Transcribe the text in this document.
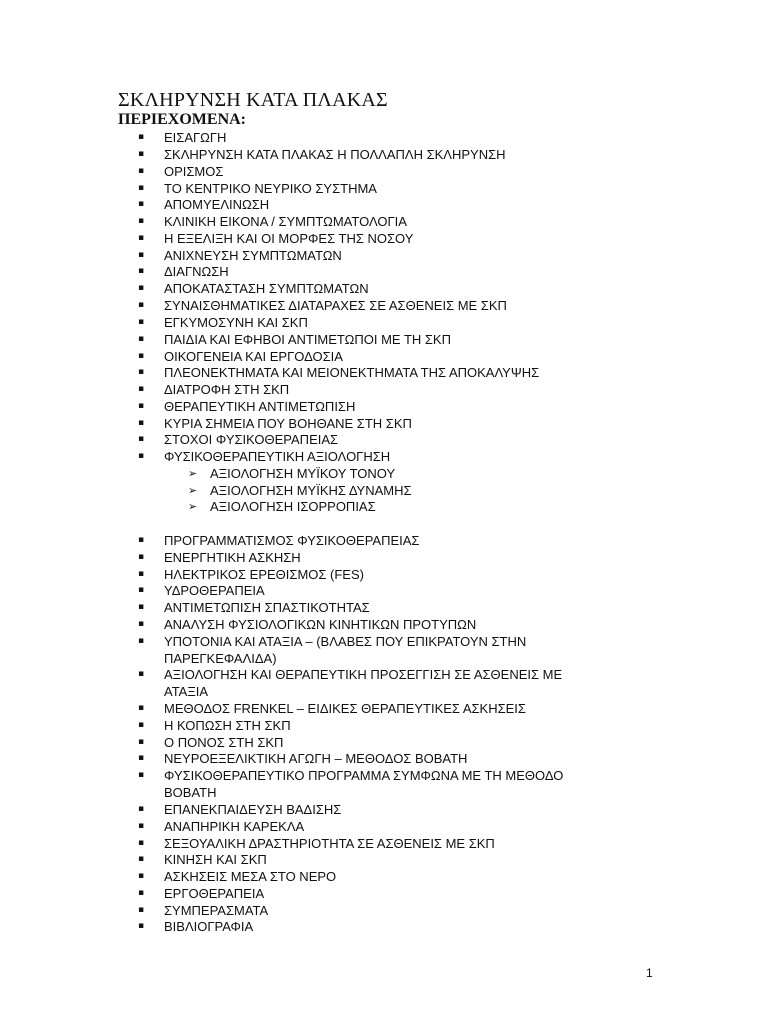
ΣΚΛΗΡΥΝΣΗ ΚΑΤΑ ΠΛΑΚΑΣ
ΠΕΡΙΕΧΟΜΕΝΑ:
▪ ΕΙΣΑΓΩΓΗ
▪ ΣΚΛΗΡΥΝΣΗ ΚΑΤΑ ΠΛΑΚΑΣ Η ΠΟΛΛΑΠΛΗ ΣΚΛΗΡΥΝΣΗ
▪ ΟΡΙΣΜΟΣ
▪ ΤΟ ΚΕΝΤΡΙΚΟ ΝΕΥΡΙΚΟ ΣΥΣΤΗΜΑ
▪ ΑΠΟΜΥΕΛΙΝΩΣΗ
▪ ΚΛΙΝΙΚΗ ΕΙΚΟΝΑ / ΣΥΜΠΤΩΜΑΤΟΛΟΓΙΑ
▪ Η ΕΞΕΛΙΞΗ ΚΑΙ ΟΙ ΜΟΡΦΕΣ ΤΗΣ ΝΟΣΟΥ
▪ ΑΝΙΧΝΕΥΣΗ ΣΥΜΠΤΩΜΑΤΩΝ
▪ ΔΙΑΓΝΩΣΗ
▪ ΑΠΟΚΑΤΑΣΤΑΣΗ ΣΥΜΠΤΩΜΑΤΩΝ
▪ ΣΥΝΑΙΣΘΗΜΑΤΙΚΕΣ ΔΙΑΤΑΡΑΧΕΣ ΣΕ ΑΣΘΕΝΕΙΣ ΜΕ ΣΚΠ
▪ ΕΓΚΥΜΟΣΥΝΗ ΚΑΙ ΣΚΠ
▪ ΠΑΙΔΙΑ ΚΑΙ ΕΦΗΒΟΙ ΑΝΤΙΜΕΤΩΠΟΙ ΜΕ ΤΗ ΣΚΠ
▪ ΟΙΚΟΓΕΝΕΙΑ ΚΑΙ ΕΡΓΟΔΟΣΙΑ
▪ ΠΛΕΟΝΕΚΤΗΜΑΤΑ ΚΑΙ ΜΕΙΟΝΕΚΤΗΜΑΤΑ ΤΗΣ ΑΠΟΚΑΛΥΨΗΣ
▪ ΔΙΑΤΡΟΦΗ ΣΤΗ ΣΚΠ
▪ ΘΕΡΑΠΕΥΤΙΚΗ ΑΝΤΙΜΕΤΩΠΙΣΗ
▪ ΚΥΡΙΑ ΣΗΜΕΙΑ ΠΟΥ ΒΟΗΘΑΝΕ ΣΤΗ ΣΚΠ
▪ ΣΤΟΧΟΙ ΦΥΣΙΚΟΘΕΡΑΠΕΙΑΣ
▪ ΦΥΣΙΚΟΘΕΡΑΠΕΥΤΙΚΗ ΑΞΙΟΛΟΓΗΣΗ
➢ ΑΞΙΟΛΟΓΗΣΗ ΜΥΪΚΟΥ ΤΟΝΟΥ
➢ ΑΞΙΟΛΟΓΗΣΗ ΜΥΪΚΗΣ ΔΥΝΑΜΗΣ
➢ ΑΞΙΟΛΟΓΗΣΗ ΙΣΟΡΡΟΠΙΑΣ
▪ ΠΡΟΓΡΑΜΜΑΤΙΣΜΟΣ ΦΥΣΙΚΟΘΕΡΑΠΕΙΑΣ
▪ ΕΝΕΡΓΗΤΙΚΗ ΑΣΚΗΣΗ
▪ ΗΛΕΚΤΡΙΚΟΣ ΕΡΕΘΙΣΜΟΣ (FES)
▪ ΥΔΡΟΘΕΡΑΠΕΙΑ
▪ ΑΝΤΙΜΕΤΩΠΙΣΗ ΣΠΑΣΤΙΚΟΤΗΤΑΣ
▪ ΑΝΑΛΥΣΗ ΦΥΣΙΟΛΟΓΙΚΩΝ ΚΙΝΗΤΙΚΩΝ ΠΡΟΤΥΠΩΝ
▪ ΥΠΟΤΟΝΙΑ ΚΑΙ ΑΤΑΞΙΑ – (ΒΛΑΒΕΣ ΠΟΥ ΕΠΙΚΡΑΤΟΥΝ ΣΤΗΝ
ΠΑΡΕΓΚΕΦΑΛΙΔΑ)
▪ ΑΞΙΟΛΟΓΗΣΗ ΚΑΙ ΘΕΡΑΠΕΥΤΙΚΗ ΠΡΟΣΕΓΓΙΣΗ ΣΕ ΑΣΘΕΝΕΙΣ ΜΕ
ΑΤΑΞΙΑ
▪ ΜΕΘΟΔΟΣ FRENKEL – ΕΙΔΙΚΕΣ ΘΕΡΑΠΕΥΤΙΚΕΣ ΑΣΚΗΣΕΙΣ
▪ Η ΚΟΠΩΣΗ ΣΤΗ ΣΚΠ
▪ Ο ΠΟΝΟΣ ΣΤΗ ΣΚΠ
▪ ΝΕΥΡΟΕΞΕΛΙΚΤΙΚΗ ΑΓΩΓΗ – ΜΕΘΟΔΟΣ BOBATH
▪ ΦΥΣΙΚΟΘΕΡΑΠΕΥΤΙΚΟ ΠΡΟΓΡΑΜΜΑ ΣΥΜΦΩΝΑ ΜΕ ΤΗ ΜΕΘΟΔΟ
BOBATH
▪ ΕΠΑΝΕΚΠΑΙΔΕΥΣΗ ΒΑΔΙΣΗΣ
▪ ΑΝΑΠΗΡΙΚΗ ΚΑΡΕΚΛΑ
▪ ΣΕΞΟΥΑΛΙΚΗ ΔΡΑΣΤΗΡΙΟΤΗΤΑ ΣΕ ΑΣΘΕΝΕΙΣ ΜΕ ΣΚΠ
▪ ΚΙΝΗΣΗ ΚΑΙ ΣΚΠ
▪ ΑΣΚΗΣΕΙΣ ΜΕΣΑ ΣΤΟ ΝΕΡΟ
▪ ΕΡΓΟΘΕΡΑΠΕΙΑ
▪ ΣΥΜΠΕΡΑΣΜΑΤΑ
▪ ΒΙΒΛΙΟΓΡΑΦΙΑ
1
